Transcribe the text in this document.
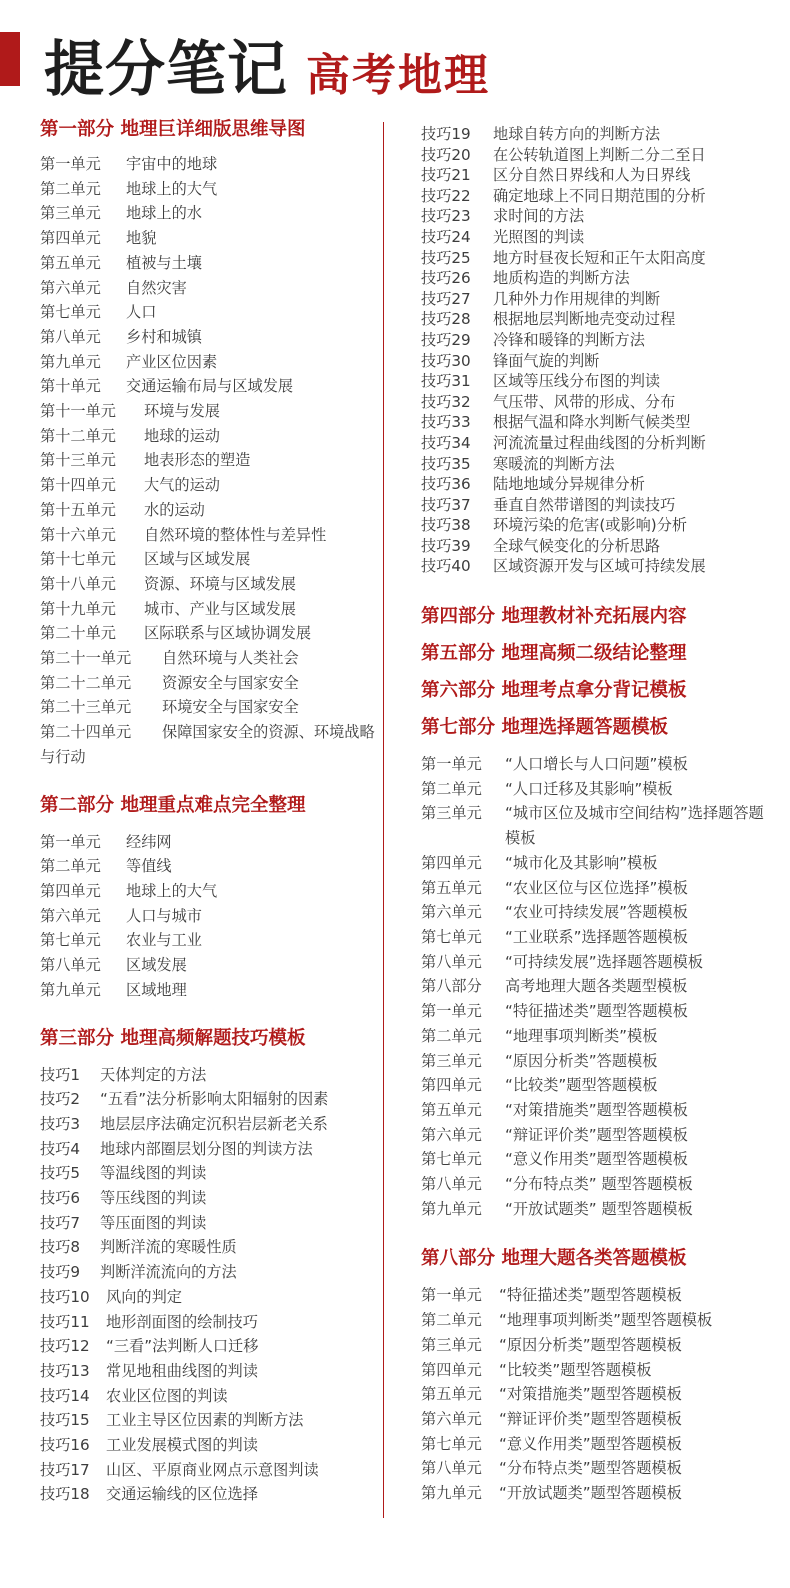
提分笔记 高考地理
第一部分 地理巨详细版思维导图
第一单元 宇宙中的地球
第二单元 地球上的大气
第三单元 地球上的水
第四单元 地貌
第五单元 植被与土壤
第六单元 自然灾害
第七单元 人口
第八单元 乡村和城镇
第九单元 产业区位因素
第十单元 交通运输布局与区域发展
第十一单元 环境与发展
第十二单元 地球的运动
第十三单元 地表形态的塑造
第十四单元 大气的运动
第十五单元 水的运动
第十六单元 自然环境的整体性与差异性
第十七单元 区域与区域发展
第十八单元 资源、环境与区域发展
第十九单元 城市、产业与区域发展
第二十单元 区际联系与区域协调发展
第二十一单元 自然环境与人类社会
第二十二单元 资源安全与国家安全
第二十三单元 环境安全与国家安全
第二十四单元 保障国家安全的资源、环境战略与行动
第二部分 地理重点难点完全整理
第一单元 经纬网
第二单元 等值线
第四单元 地球上的大气
第六单元 人口与城市
第七单元 农业与工业
第八单元 区域发展
第九单元 区域地理
第三部分 地理高频解题技巧模板
技巧1 天体判定的方法
技巧2 “五看”法分析影响太阳辐射的因素
技巧3 地层层序法确定沉积岩层新老关系
技巧4 地球内部圈层划分图的判读方法
技巧5 等温线图的判读
技巧6 等压线图的判读
技巧7 等压面图的判读
技巧8 判断洋流的寒暖性质
技巧9 判断洋流流向的方法
技巧10 风向的判定
技巧11 地形剖面图的绘制技巧
技巧12 “三看”法判断人口迁移
技巧13 常见地租曲线图的判读
技巧14 农业区位图的判读
技巧15 工业主导区位因素的判断方法
技巧16 工业发展模式图的判读
技巧17 山区、平原商业网点示意图判读
技巧18 交通运输线的区位选择
技巧19 地球自转方向的判断方法
技巧20 在公转轨道图上判断二分二至日
技巧21 区分自然日界线和人为日界线
技巧22 确定地球上不同日期范围的分析
技巧23 求时间的方法
技巧24 光照图的判读
技巧25 地方时昼夜长短和正午太阳高度
技巧26 地质构造的判断方法
技巧27 几种外力作用规律的判断
技巧28 根据地层判断地壳变动过程
技巧29 冷锋和暖锋的判断方法
技巧30 锋面气旋的判断
技巧31 区域等压线分布图的判读
技巧32 气压带、风带的形成、分布
技巧33 根据气温和降水判断气候类型
技巧34 河流流量过程曲线图的分析判断
技巧35 寒暖流的判断方法
技巧36 陆地地域分异规律分析
技巧37 垂直自然带谱图的判读技巧
技巧38 环境污染的危害(或影响)分析
技巧39 全球气候变化的分析思路
技巧40 区域资源开发与区域可持续发展
第四部分 地理教材补充拓展内容
第五部分 地理高频二级结论整理
第六部分 地理考点拿分背记模板
第七部分 地理选择题答题模板
第一单元 “人口增长与人口问题”模板
第二单元 “人口迁移及其影响”模板
第三单元	“城市区位及城市空间结构”选择题答题模板
第四单元 “城市化及其影响”模板
第五单元 “农业区位与区位选择”模板
第六单元 “农业可持续发展”答题模板
第七单元 “工业联系”选择题答题模板
第八单元 “可持续发展”选择题答题模板
第八部分 高考地理大题各类题型模板
第一单元 “特征描述类”题型答题模板
第二单元 “地理事项判断类”模板
第三单元 “原因分析类”答题模板
第四单元 “比较类”题型答题模板
第五单元 “对策措施类”题型答题模板
第六单元 “辩证评价类”题型答题模板
第七单元 “意义作用类”题型答题模板
第八单元 “分布特点类” 题型答题模板
第九单元 “开放试题类” 题型答题模板
第八部分 地理大题各类答题模板
第一单元 “特征描述类”题型答题模板
第二单元 “地理事项判断类”题型答题模板
第三单元 “原因分析类”题型答题模板
第四单元 “比较类”题型答题模板
第五单元 “对策措施类”题型答题模板
第六单元 “辩证评价类”题型答题模板
第七单元 “意义作用类”题型答题模板
第八单元 “分布特点类”题型答题模板
第九单元 “开放试题类”题型答题模板
